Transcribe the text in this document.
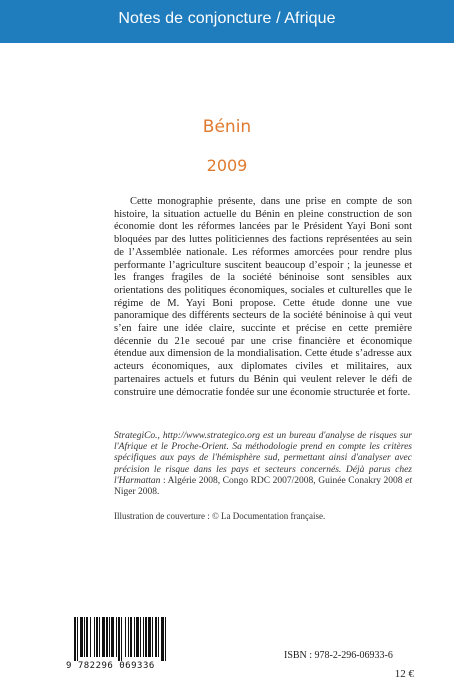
Notes de conjoncture / Afrique
Bénin
2009

Cette monographie présente, dans une prise en compte de son histoire, la situation actuelle du Bénin en pleine construction de son économie dont les réformes lancées par le Président Yayi Boni sont bloquées par des luttes politiciennes des factions représentées au sein de l’Assemblée nationale. Les réformes amorcées pour rendre plus performante l’agriculture suscitent beaucoup d’espoir ; la jeunesse et les franges fragiles de la société béninoise sont sensibles aux orientations des politiques économiques, sociales et culturelles que le régime de M. Yayi Boni propose. Cette étude donne une vue panoramique des différents secteurs de la société béninoise à qui veut s’en faire une idée claire, succinte et précise en cette première décennie du 21e secoué par une crise financière et économique étendue aux dimension de la mondialisation. Cette étude s’adresse aux acteurs économiques, aux diplomates civiles et militaires, aux partenaires actuels et futurs du Bénin qui veulent relever le défi de construire une démocratie fondée sur une économie structurée et forte.

StrategiCo., http://www.strategico.org est un bureau d'analyse de risques sur l'Afrique et le Proche-Orient. Sa méthodologie prend en compte les critères spécifiques aux pays de l'hémisphère sud, permettant ainsi d'analyser avec précision le risque dans les pays et secteurs concernés. Déjà parus chez l'Harmattan : Algérie 2008, Congo RDC 2007/2008, Guinée Conakry 2008 et Niger 2008.
Illustration de couverture : © La Documentation française.
9 782296 069336
ISBN : 978-2-296-06933-6
12 €
